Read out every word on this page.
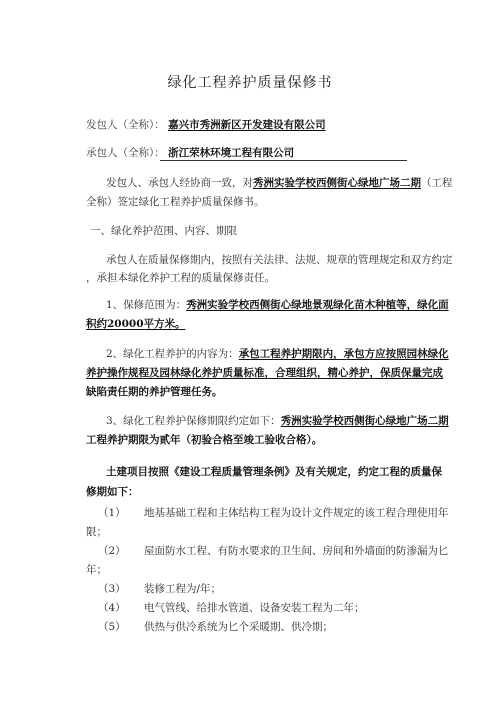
绿化工程养护质量保修书
发包人（全称）： 嘉兴市秀洲新区开发建设有限公司
承包人（全称）： 浙江荣林环境工程有限公司
发包人、承包人经协商一致，对秀洲实验学校西侧街心绿地广场二期（工程
全称）签定绿化工程养护质量保修书。
一、绿化养护范围、内容、期限
承包人在质量保修期内，按照有关法律、法规、规章的管理规定和双方约定
，承担本绿化养护工程的质量保修责任。
1、保修范围为：秀洲实验学校西侧街心绿地景观绿化苗木种植等，绿化面
积约20000平方米。
2、绿化工程养护的内容为：承包工程养护期限内，承包方应按照园林绿化
养护操作规程及园林绿化养护质量标准，合理组织，精心养护，保质保量完成
缺陷责任期的养护管理任务。
3、绿化工程养护保修期限约定如下：秀洲实验学校西侧街心绿地广场二期
工程养护期限为贰年（初验合格至竣工验收合格）。
土建项目按照《建设工程质量管理条例》及有关规定，约定工程的质量保
修期如下：
（1） 地基基础工程和主体结构工程为设计文件规定的该工程合理使用年
限；
（2） 屋面防水工程、有防水要求的卫生间、房间和外墙面的防渗漏为匕
年；
（3） 装修工程为/年；
（4） 电气管线、给排水管道、设备安装工程为二年；
（5） 供热与供冷系统为匕个采暖期、供冷期；
